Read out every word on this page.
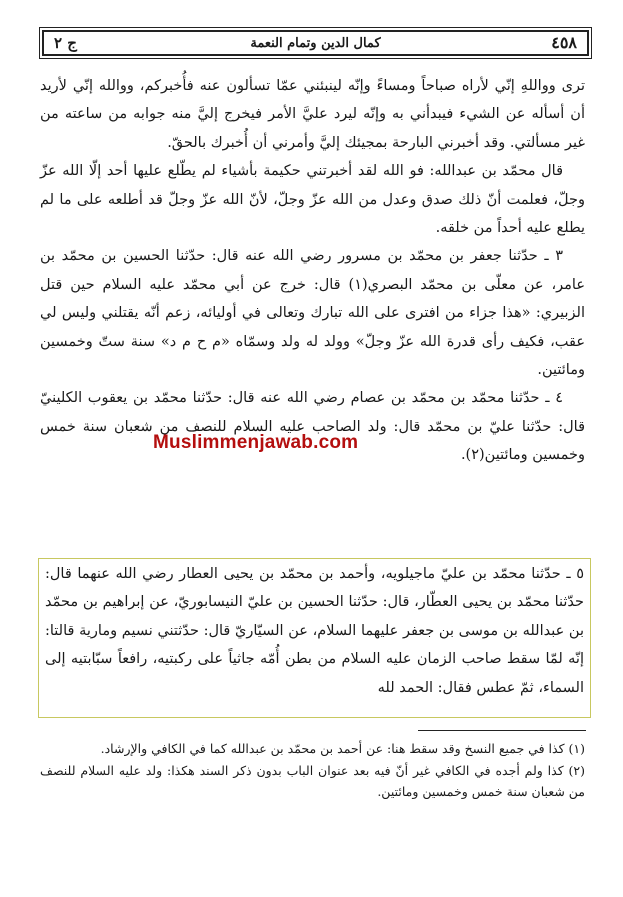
٤٥٨
كمال الدين وتمام النعمة
ج ٢

ترى وواللهِ إنّي لأراه صباحاً ومساءً وإنّه لينبئني عمّا تسألون عنه فأُخبركم، ووالله إنّي لأريد أن أسأله عن الشيء فيبدأني به وإنّه ليرد عليَّ الأمر فيخرج إليَّ منه جوابه من ساعته من غير مسألتي. وقد أخبرني البارحة بمجيئك إليَّ وأمرني أن أُخبرك بالحقّ.

قال محمّد بن عبدالله: فو الله لقد أخبرتني حكيمة بأشياء لم يطّلع عليها أحد إلّا الله عزّ وجلّ، فعلمت أنّ ذلك صدق وعدل من الله عزّ وجلّ، لأنّ الله عزّ وجلّ قد أطلعه على ما لم يطلع عليه أحداً من خلقه.

٣ ـ حدّثنا جعفر بن محمّد بن مسرور رضي الله عنه قال: حدّثنا الحسين بن محمّد بن عامر، عن معلّى بن محمّد البصري(١) قال: خرج عن أبي محمّد عليه السلام حين قتل الزبيري: «هذا جزاء من افترى على الله تبارك وتعالى في أوليائه، زعم أنّه يقتلني وليس لي عقب، فكيف رأى قدرة الله عزّ وجلّ» وولد له ولد وسمّاه «م ح م د» سنة ستّ وخمسين ومائتين.

٤ ـ حدّثنا محمّد بن محمّد بن عصام رضي الله عنه قال: حدّثنا محمّد بن يعقوب الكلينيّ قال: حدّثنا عليّ بن محمّد قال: ولد الصاحب عليه السلام للنصف من شعبان سنة خمس وخمسين ومائتين(٢).

Muslimmenjawab.com

٥ ـ حدّثنا محمّد بن عليّ ماجيلويه، وأحمد بن محمّد بن يحيى العطار رضي الله عنهما قال: حدّثنا محمّد بن يحيى العطّار، قال: حدّثنا الحسين بن عليّ النيسابوريّ، عن إبراهيم بن محمّد بن عبدالله بن موسى بن جعفر عليهما السلام، عن السيّاريّ قال: حدّثتني نسيم ومارية قالتا: إنّه لمّا سقط صاحب الزمان عليه السلام من بطن أُمّه جاثياً على ركبتيه، رافعاً سبّابتيه إلى السماء، ثمّ عطس فقال: الحمد لله

(١) كذا في جميع النسخ وقد سقط هنا: عن أحمد بن محمّد بن عبدالله كما في الكافي والإرشاد.

(٢) كذا ولم أجده في الكافي غير أنّ فيه بعد عنوان الباب بدون ذكر السند هكذا: ولد عليه السلام للنصف من شعبان سنة خمس وخمسين ومائتين.
